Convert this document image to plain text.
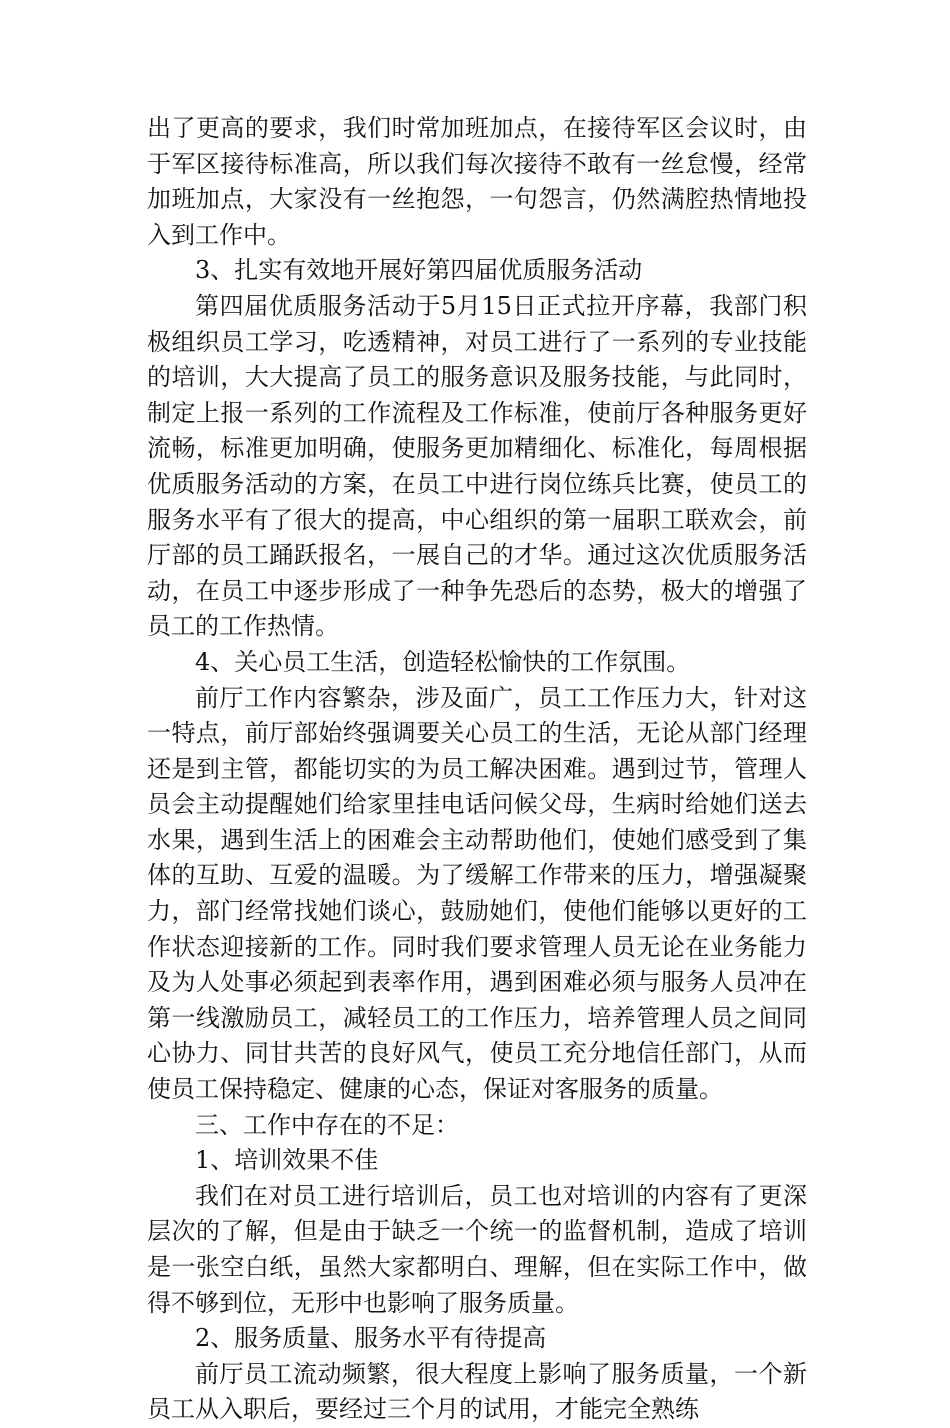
出了更高的要求，我们时常加班加点，在接待军区会议时，由于军区接待标准高，所以我们每次接待不敢有一丝怠慢，经常加班加点，大家没有一丝抱怨，一句怨言，仍然满腔热情地投入到工作中。

3、扎实有效地开展好第四届优质服务活动

第四届优质服务活动于5月15日正式拉开序幕，我部门积极组织员工学习，吃透精神，对员工进行了一系列的专业技能的培训，大大提高了员工的服务意识及服务技能，与此同时，制定上报一系列的工作流程及工作标准，使前厅各种服务更好流畅，标准更加明确，使服务更加精细化、标准化，每周根据优质服务活动的方案，在员工中进行岗位练兵比赛，使员工的服务水平有了很大的提高，中心组织的第一届职工联欢会，前厅部的员工踊跃报名，一展自己的才华。通过这次优质服务活动，在员工中逐步形成了一种争先恐后的态势，极大的增强了员工的工作热情。

4、关心员工生活，创造轻松愉快的工作氛围。

前厅工作内容繁杂，涉及面广，员工工作压力大，针对这一特点，前厅部始终强调要关心员工的生活，无论从部门经理还是到主管，都能切实的为员工解决困难。遇到过节，管理人员会主动提醒她们给家里挂电话问候父母，生病时给她们送去水果，遇到生活上的困难会主动帮助他们，使她们感受到了集体的互助、互爱的温暖。为了缓解工作带来的压力，增强凝聚力，部门经常找她们谈心，鼓励她们，使他们能够以更好的工作状态迎接新的工作。同时我们要求管理人员无论在业务能力及为人处事必须起到表率作用，遇到困难必须与服务人员冲在第一线激励员工，减轻员工的工作压力，培养管理人员之间同心协力、同甘共苦的良好风气，使员工充分地信任部门，从而使员工保持稳定、健康的心态，保证对客服务的质量。

三、工作中存在的不足：

1、培训效果不佳

我们在对员工进行培训后，员工也对培训的内容有了更深层次的了解，但是由于缺乏一个统一的监督机制，造成了培训是一张空白纸，虽然大家都明白、理解，但在实际工作中，做得不够到位，无形中也影响了服务质量。

2、服务质量、服务水平有待提高

前厅员工流动频繁，很大程度上影响了服务质量，一个新员工从入职后，要经过三个月的试用，才能完全熟练
